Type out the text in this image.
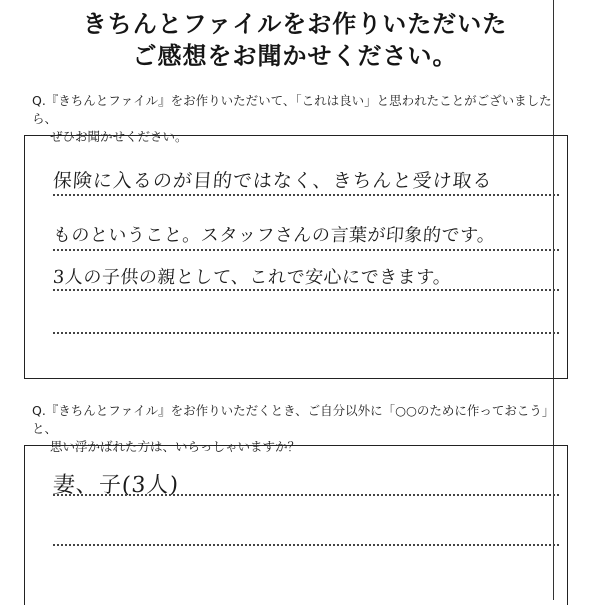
きちんとファイルをお作りいただいた
ご感想をお聞かせください。
Q.『きちんとファイル』をお作りいただいて、「これは良い」と思われたことがございましたら、
ぜひお聞かせください。
保険に入るのが目的ではなく、きちんと受け取る
ものということ。スタッフさんの言葉が印象的です。
3人の子供の親として、これで安心にできます。
Q.『きちんとファイル』をお作りいただくとき、ご自分以外に「○○のために作っておこう」と、
思い浮かばれた方は、いらっしゃいますか？
妻、子(3人)
